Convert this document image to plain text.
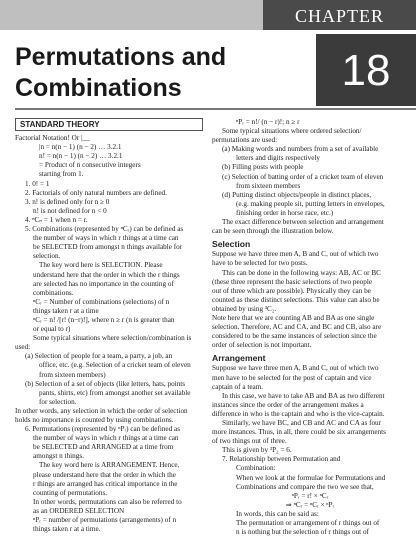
CHAPTER
Permutations and
Combinations	18
STANDARD THEORY
Factorial Notation! Or |__
|n = n(n − 1) (n − 2) … 3.2.1
n! = n(n − 1) (n − 2) … 3.2.1
= Product of n consecutive integers
starting from 1.
1. 0! = 1
2. Factorials of only natural numbers are defined.
3. n! is defined only for n ≥ 0
n! is not defined for n < 0
4. ⁿCₙ = 1 when n = r.
5. Combinations (represented by ⁿCᵣ) can be defined as
the number of ways in which r things at a time can
be SELECTED from amongst n things available for
selection.
The key word here is SELECTION. Please
understand here that the order in which the r things
are selected has no importance in the counting of
combinations.
ⁿCᵣ = Number of combinations (selections) of n
things taken r at a time
ⁿCᵣ = n! /[r! (n−r)!], where n ≥ r (n is greater than
or equal to r)
Some typical situations where selection/combination is
used:
(a) Selection of people for a team, a party, a job, an
office, etc. (e.g. Selection of a cricket team of eleven
from sixteen members)
(b) Selection of a set of objects (like letters, hats, points
pants, shirts, etc) from amongst another set available
for selection.
In other words, any selection in which the order of selection
holds no importance is counted by using combinations.
6. Permutations (represented by ⁿPᵣ) can be defined as
the number of ways in which r things at a time can
be SELECTED and ARRANGED at a time from
amongst n things.
The key word here is ARRANGEMENT. Hence,
please understand here that the order in which the
r things are arranged has critical importance in the
counting of permutations.
In other words, permutations can also be referred to
as an ORDERED SELECTION
ⁿPᵣ = number of permutations (arrangements) of n
things taken r at a time.
ⁿPᵣ = n!/ (n − r)!; n ≥ r
Some typical situations where ordered selection/
permutations are used:
(a) Making words and numbers from a set of available
letters and digits respectively
(b) Filling posts with people
(c) Selection of batting order of a cricket team of eleven
from sixteen members
(d) Putting distinct objects/people in distinct places,
(e.g. making people sit, putting letters in envelopes,
finishing order in horse race, etc.)
The exact difference between selection and arrangement
can be seen through the illustration below.
Selection
Suppose we have three men A, B and C, out of which two
have to be selected for two posts.
This can be done in the following ways: AB, AC or BC
(these three represent the basic selections of two people
out of three which are possible). Physically they can be
counted as these distinct selections. This value can also be
obtained by using ³C₂.
Note here that we are counting AB and BA as one single
selection. Therefore, AC and CA, and BC and CB, also are
considered to be the same instances of selection since the
order of selection is not important.
Arrangement
Suppose we have three men A, B and C, out of which two
men have to be selected for the post of captain and vice
captain of a team.
In this case, we have to take AB and BA as two different
instances since the order of the arrangement makes a
difference in who is the captain and who is the vice-captain.
Similarly, we have BC, and CB and AC and CA as four
more instances. Thus, in all, there could be six arrangements
of two things out of three.
This is given by ³P₂ = 6.
7. Relationship between Permutation and
Combination:
When we look at the formulae for Permutations and
Combinations and compare the two we see that,
ⁿPᵣ = r! × ⁿCᵣ
⇒ ⁿCᵣ = ⁿCᵣ × ⁿPᵣ
In words, this can be said as:
The permutation or arrangement of r things out of
n is nothing but the selection of r things out of
